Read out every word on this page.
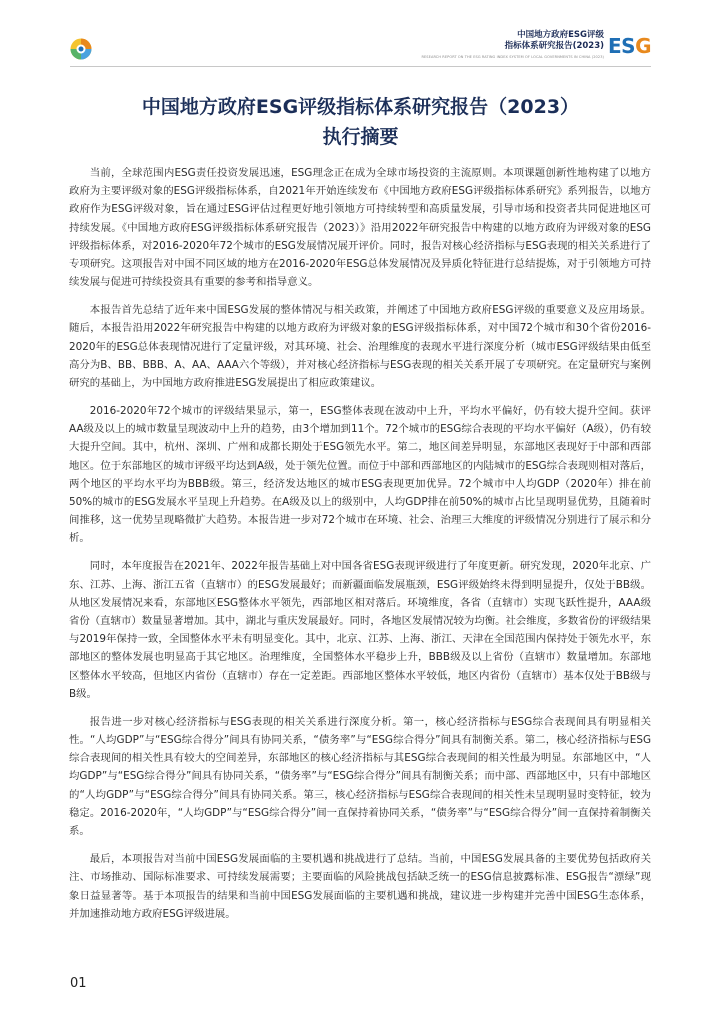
中国地方政府ESG评级
指标体系研究报告(2023)
RESEARCH REPORT ON THE ESG RATING INDEX SYSTEM OF LOCAL GOVERNMENTS IN CHINA (2023) ESG
中国地方政府ESG评级指标体系研究报告（2023）
执行摘要

当前，全球范围内ESG责任投资发展迅速，ESG理念正在成为全球市场投资的主流原则。本项课题创新性地构建了以地方政府为主要评级对象的ESG评级指标体系，自2021年开始连续发布《中国地方政府ESG评级指标体系研究》系列报告，以地方政府作为ESG评级对象，旨在通过ESG评估过程更好地引领地方可持续转型和高质量发展，引导市场和投资者共同促进地区可持续发展。《中国地方政府ESG评级指标体系研究报告（2023）》沿用2022年研究报告中构建的以地方政府为评级对象的ESG评级指标体系，对2016-2020年72个城市的ESG发展情况展开评价。同时，报告对核心经济指标与ESG表现的相关关系进行了专项研究。这项报告对中国不同区域的地方在2016-2020年ESG总体发展情况及异质化特征进行总结提炼，对于引领地方可持续发展与促进可持续投资具有重要的参考和指导意义。

本报告首先总结了近年来中国ESG发展的整体情况与相关政策，并阐述了中国地方政府ESG评级的重要意义及应用场景。随后，本报告沿用2022年研究报告中构建的以地方政府为评级对象的ESG评级指标体系，对中国72个城市和30个省份2016-2020年的ESG总体表现情况进行了定量评级，对其环境、社会、治理维度的表现水平进行深度分析（城市ESG评级结果由低至高分为B、BB、BBB、A、AA、AAA六个等级），并对核心经济指标与ESG表现的相关关系开展了专项研究。在定量研究与案例研究的基础上，为中国地方政府推进ESG发展提出了相应政策建议。

2016-2020年72个城市的评级结果显示，第一，ESG整体表现在波动中上升，平均水平偏好，仍有较大提升空间。获评AA级及以上的城市数量呈现波动中上升的趋势，由3个增加到11个。72个城市的ESG综合表现的平均水平偏好（A级），仍有较大提升空间。其中，杭州、深圳、广州和成都长期处于ESG领先水平。第二，地区间差异明显，东部地区表现好于中部和西部地区。位于东部地区的城市评级平均达到A级，处于领先位置。而位于中部和西部地区的内陆城市的ESG综合表现则相对落后，两个地区的平均水平均为BBB级。第三，经济发达地区的城市ESG表现更加优异。72个城市中人均GDP（2020年）排在前50%的城市的ESG发展水平呈现上升趋势。在A级及以上的级别中，人均GDP排在前50%的城市占比呈现明显优势，且随着时间推移，这一优势呈现略微扩大趋势。本报告进一步对72个城市在环境、社会、治理三大维度的评级情况分别进行了展示和分析。

同时，本年度报告在2021年、2022年报告基础上对中国各省ESG表现评级进行了年度更新。研究发现，2020年北京、广东、江苏、上海、浙江五省（直辖市）的ESG发展最好；而新疆面临发展瓶颈，ESG评级始终未得到明显提升，仅处于BB级。从地区发展情况来看，东部地区ESG整体水平领先，西部地区相对落后。环境维度，各省（直辖市）实现飞跃性提升，AAA级省份（直辖市）数量显著增加。其中，湖北与重庆发展最好。同时，各地区发展情况较为均衡。社会维度，多数省份的评级结果与2019年保持一致，全国整体水平未有明显变化。其中，北京、江苏、上海、浙江、天津在全国范围内保持处于领先水平，东部地区的整体发展也明显高于其它地区。治理维度，全国整体水平稳步上升，BBB级及以上省份（直辖市）数量增加。东部地区整体水平较高，但地区内省份（直辖市）存在一定差距。西部地区整体水平较低，地区内省份（直辖市）基本仅处于BB级与B级。

报告进一步对核心经济指标与ESG表现的相关关系进行深度分析。第一，核心经济指标与ESG综合表现间具有明显相关性。“人均GDP”与“ESG综合得分”间具有协同关系，“债务率”与“ESG综合得分”间具有制衡关系。第二，核心经济指标与ESG综合表现间的相关性具有较大的空间差异，东部地区的核心经济指标与其ESG综合表现间的相关性最为明显。东部地区中，“人均GDP”与“ESG综合得分”间具有协同关系，“债务率”与“ESG综合得分”间具有制衡关系；而中部、西部地区中，只有中部地区的“人均GDP”与“ESG综合得分”间具有协同关系。第三，核心经济指标与ESG综合表现间的相关性未呈现明显时变特征，较为稳定。2016-2020年，“人均GDP”与“ESG综合得分”间一直保持着协同关系，“债务率”与“ESG综合得分”间一直保持着制衡关系。

最后，本项报告对当前中国ESG发展面临的主要机遇和挑战进行了总结。当前，中国ESG发展具备的主要优势包括政府关注、市场推动、国际标准要求、可持续发展需要；主要面临的风险挑战包括缺乏统一的ESG信息披露标准、ESG报告“漂绿”现象日益显著等。基于本项报告的结果和当前中国ESG发展面临的主要机遇和挑战，建议进一步构建并完善中国ESG生态体系，并加速推动地方政府ESG评级进展。

01
